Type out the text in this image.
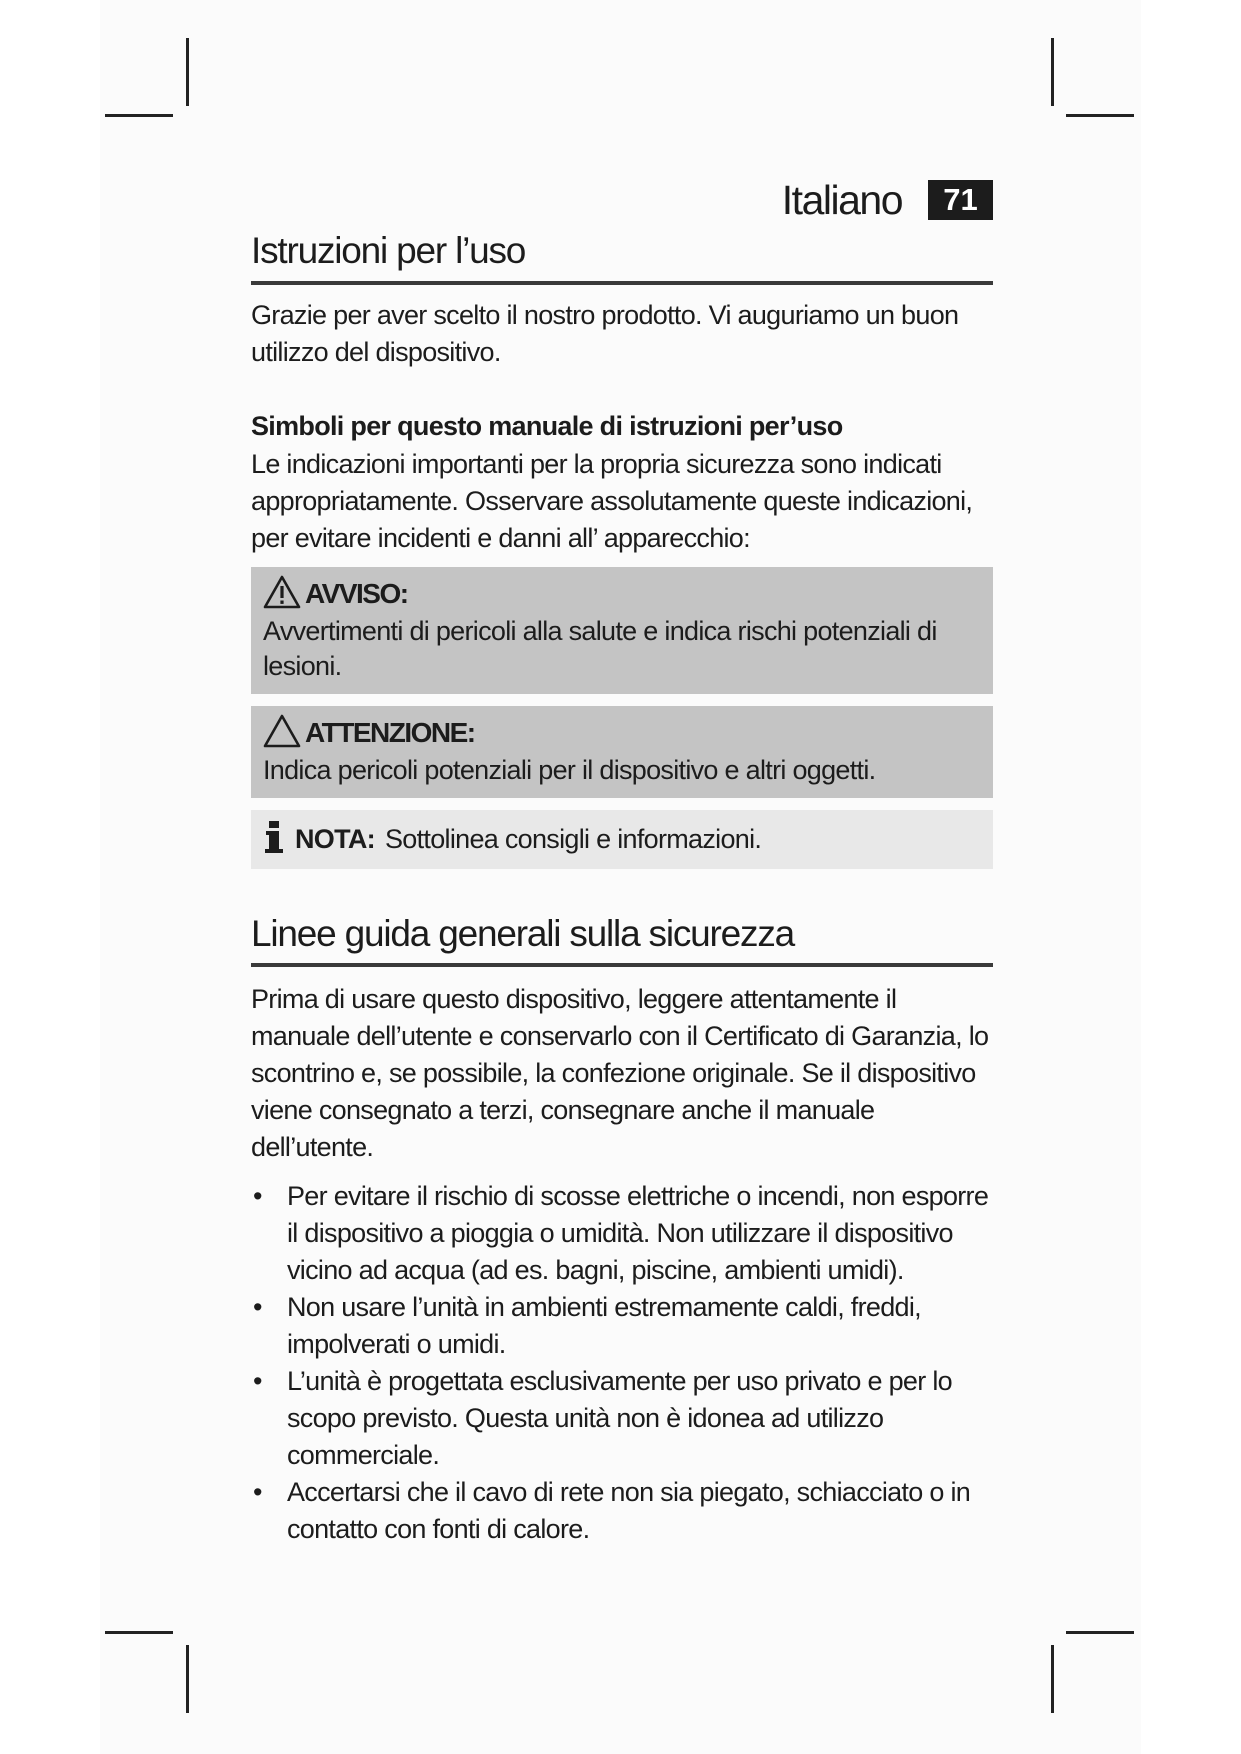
Italiano	71
Istruzioni per l’uso

Grazie per aver scelto il nostro prodotto. Vi auguriamo un buon utilizzo del dispositivo.

Simboli per questo manuale di istruzioni per’uso

Le indicazioni importanti per la propria sicurezza sono indicati appropriatamente. Osservare assolutamente queste indicazioni, per evitare incidenti e danni all’ apparecchio:

AVVISO:
Avvertimenti di pericoli alla salute e indica rischi potenziali di lesioni.
ATTENZIONE:
Indica pericoli potenziali per il dispositivo e altri oggetti.
NOTA: Sottolinea consigli e informazioni.
Linee guida generali sulla sicurezza

Prima di usare questo dispositivo, leggere attentamente il manuale dell’utente e conservarlo con il Certificato di Garanzia, lo scontrino e, se possibile, la confezione originale. Se il dispositivo viene consegnato a terzi, consegnare anche il manuale dell’utente.

• Per evitare il rischio di scosse elettriche o incendi, non esporre il dispositivo a pioggia o umidità. Non utilizzare il dispositivo vicino ad acqua (ad es. bagni, piscine, ambienti umidi).
• Non usare l’unità in ambienti estremamente caldi, freddi, impolverati o umidi.
• L’unità è progettata esclusivamente per uso privato e per lo scopo previsto. Questa unità non è idonea ad utilizzo commerciale.
• Accertarsi che il cavo di rete non sia piegato, schiacciato o in contatto con fonti di calore.
